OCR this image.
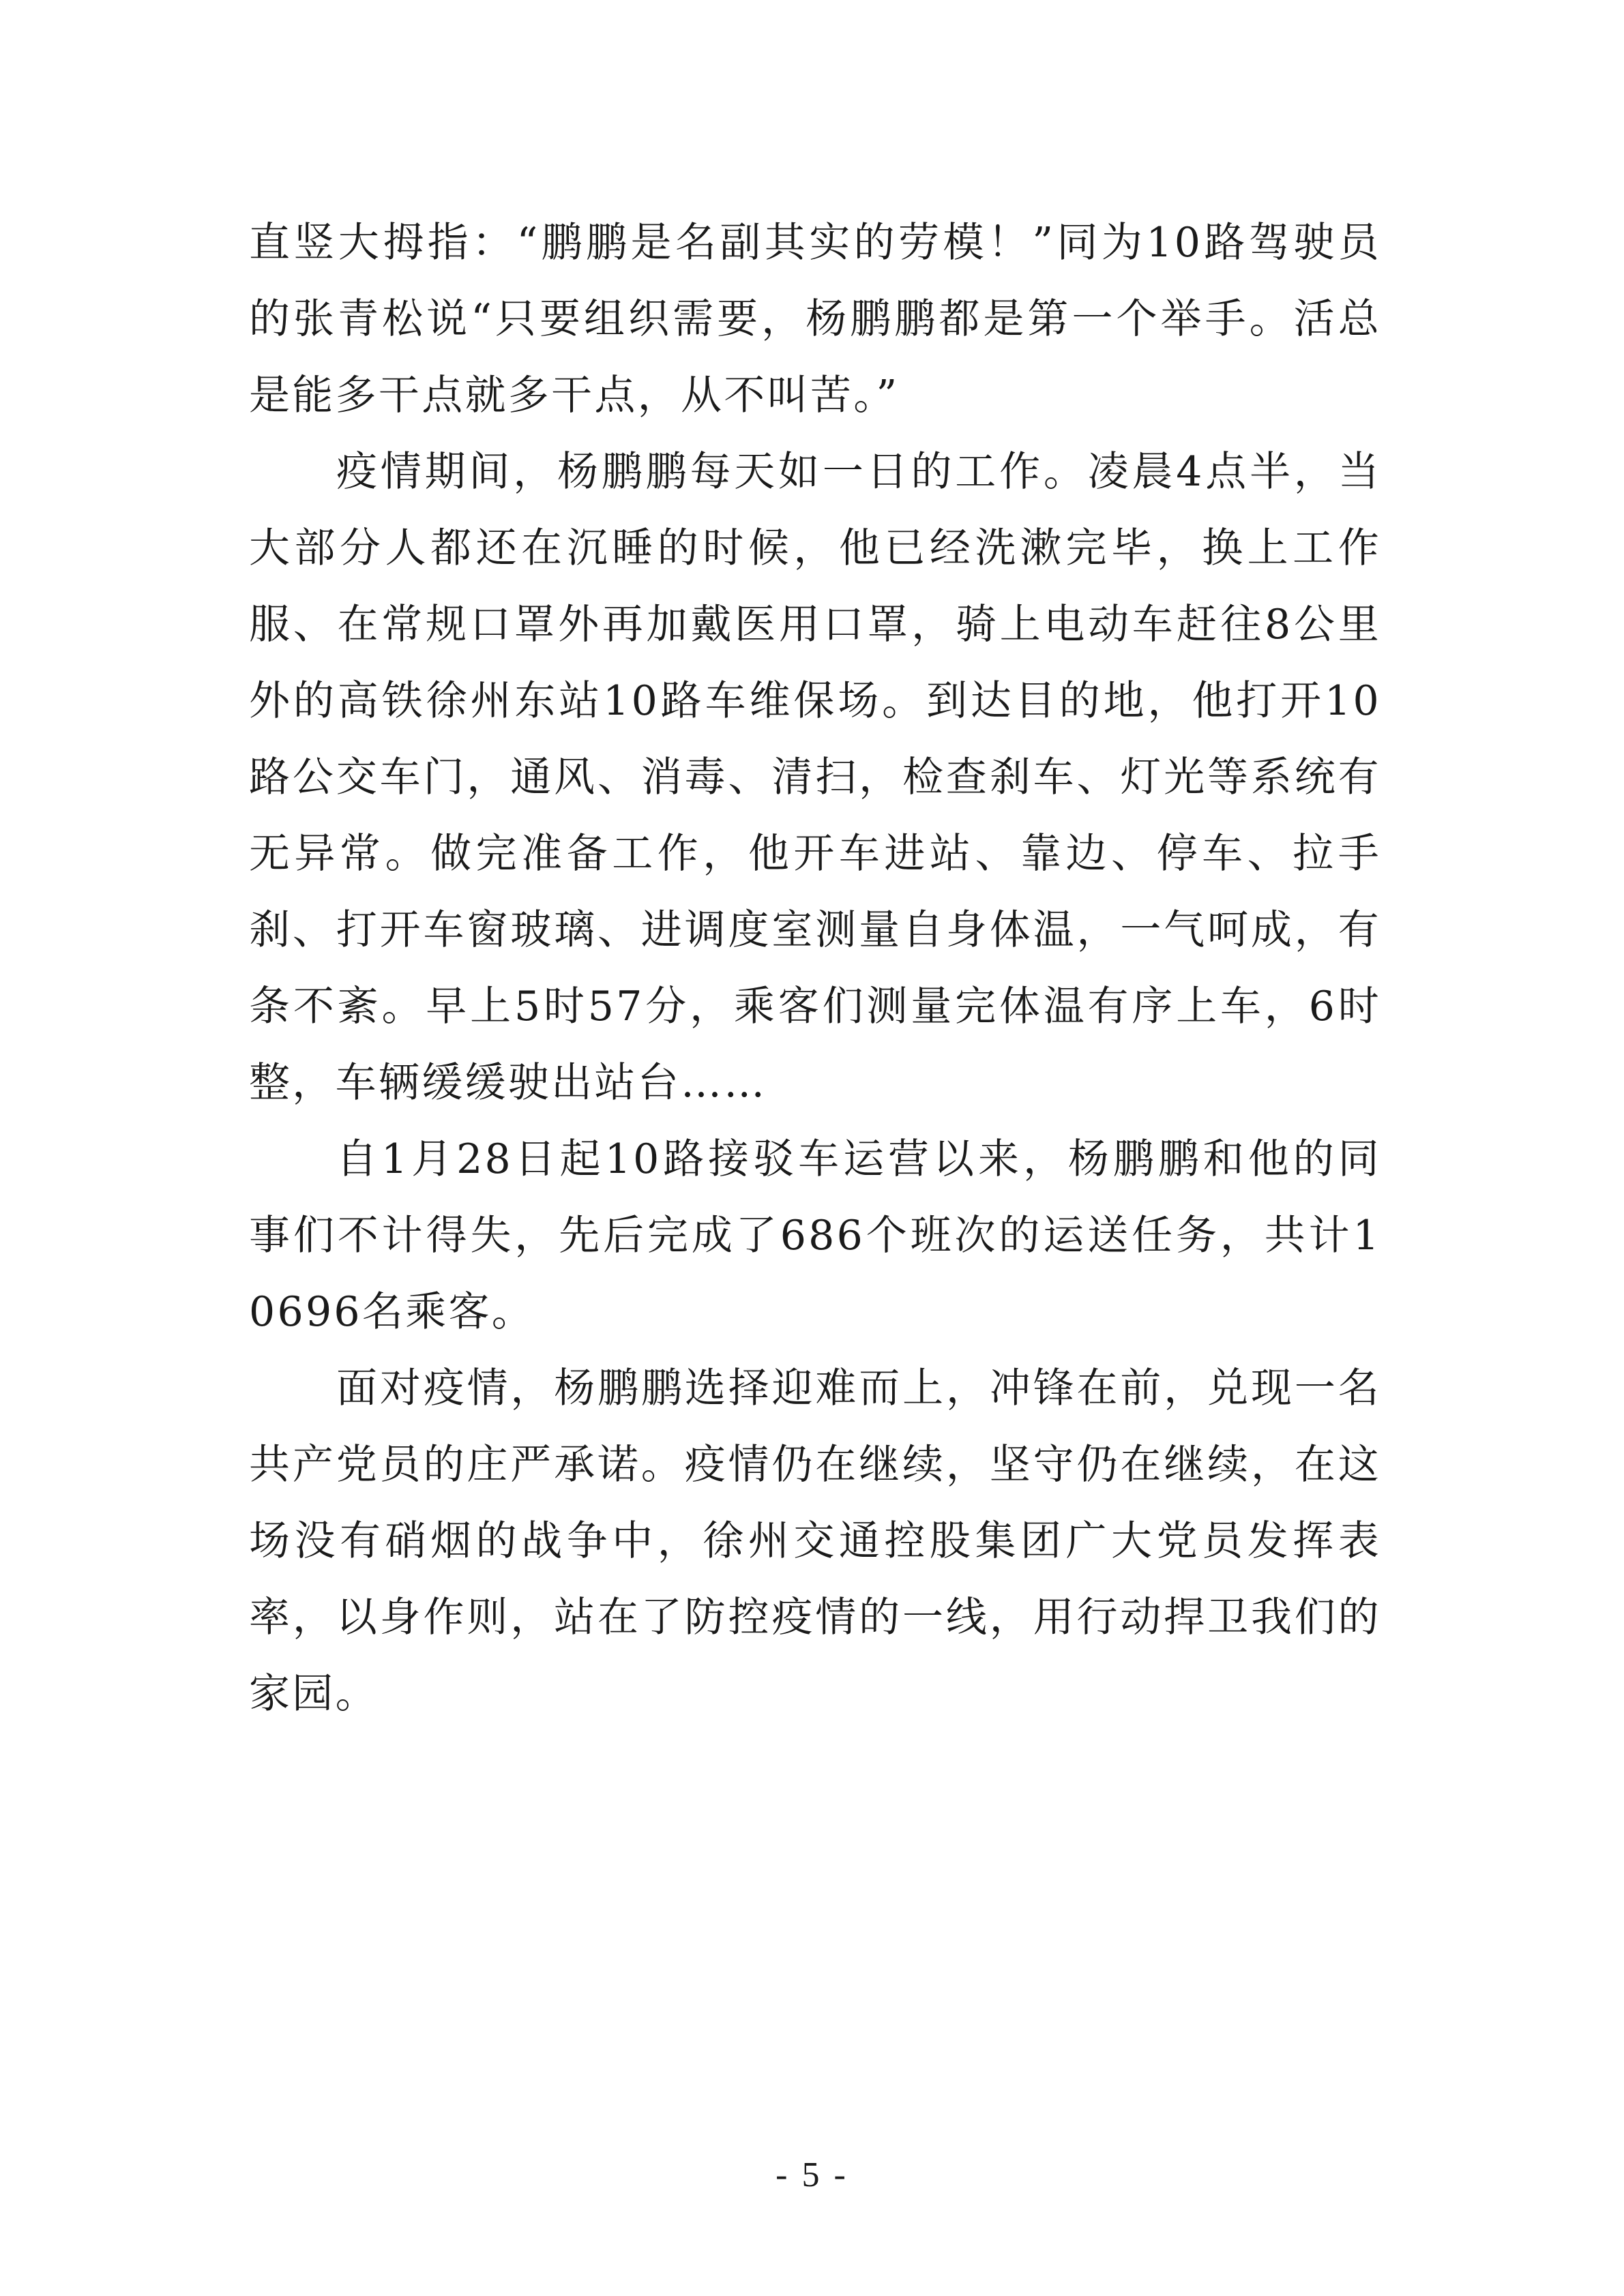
直竖大拇指：“鹏鹏是名副其实的劳模！”同为10路驾驶员的张青松说“只要组织需要，杨鹏鹏都是第一个举手。活总是能多干点就多干点，从不叫苦。”

疫情期间，杨鹏鹏每天如一日的工作。凌晨4点半，当大部分人都还在沉睡的时候，他已经洗漱完毕，换上工作服、在常规口罩外再加戴医用口罩，骑上电动车赶往8公里外的高铁徐州东站10路车维保场。到达目的地，他打开10路公交车门，通风、消毒、清扫，检查刹车、灯光等系统有无异常。做完准备工作，他开车进站、靠边、停车、拉手刹、打开车窗玻璃、进调度室测量自身体温，一气呵成，有条不紊。早上5时57分，乘客们测量完体温有序上车，6时整，车辆缓缓驶出站台……

自1月28日起10路接驳车运营以来，杨鹏鹏和他的同事们不计得失，先后完成了686个班次的运送任务，共计10696名乘客。

面对疫情，杨鹏鹏选择迎难而上，冲锋在前，兑现一名共产党员的庄严承诺。疫情仍在继续，坚守仍在继续，在这场没有硝烟的战争中，徐州交通控股集团广大党员发挥表率，以身作则，站在了防控疫情的一线，用行动捍卫我们的家园。

- 5 -
